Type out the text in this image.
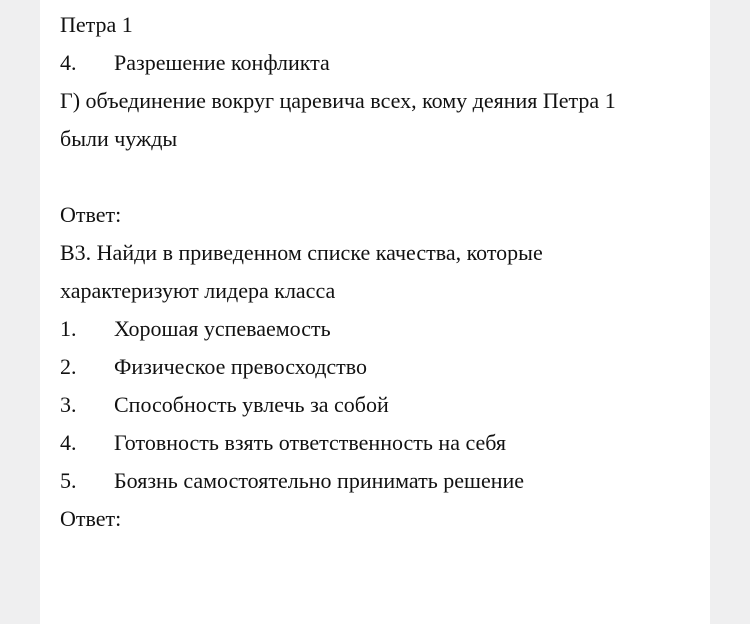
Петра 1
4. Разрешение конфликта
Г) объединение вокруг царевича всех, кому деяния Петра 1
были чужды
Ответ:
В3. Найди в приведенном списке качества, которые
характеризуют лидера класса
1. Хорошая успеваемость
2. Физическое превосходство
3. Способность увлечь за собой
4. Готовность взять ответственность на себя
5. Боязнь самостоятельно принимать решение
Ответ:
